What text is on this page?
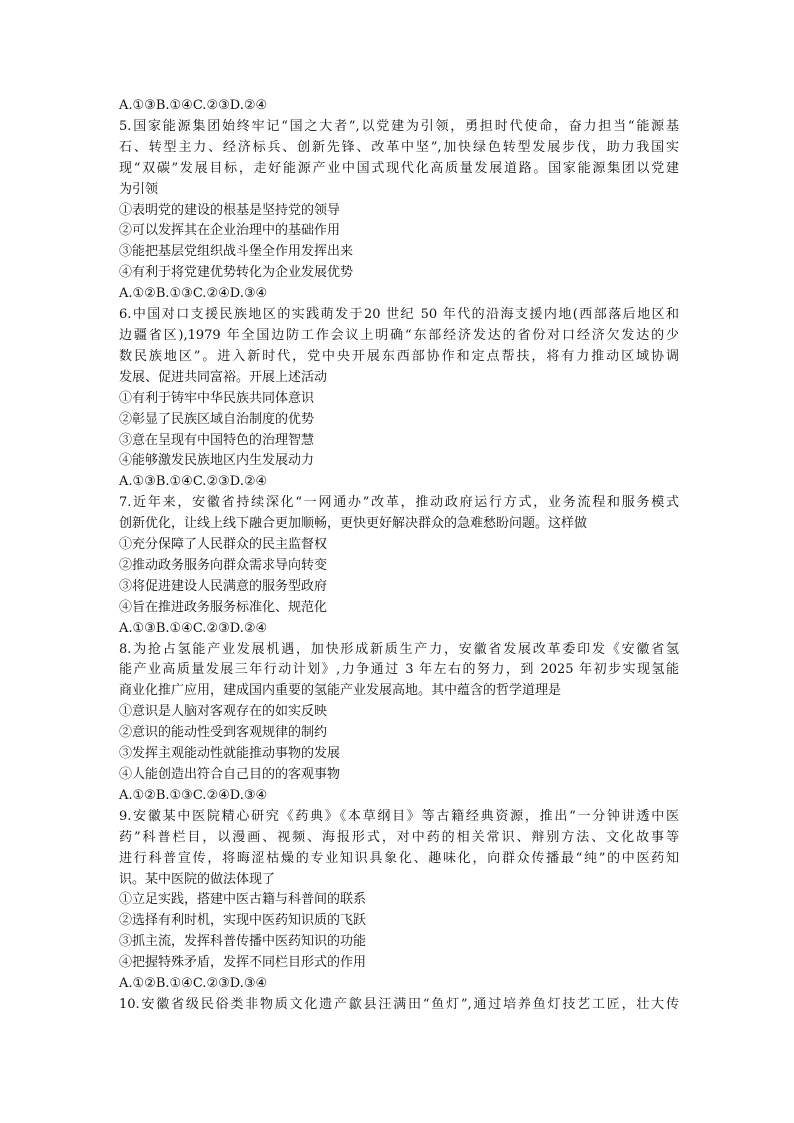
A.①③B.①④C.②③D.②④
5.国家能源集团始终牢记“国之大者”,以党建为引领，勇担时代使命，奋力担当“能源基
石、转型主力、经济标兵、创新先锋、改革中坚”,加快绿色转型发展步伐，助力我国实
现“双碳”发展目标，走好能源产业中国式现代化高质量发展道路。国家能源集团以党建
为引领
①表明党的建设的根基是坚持党的领导
②可以发挥其在企业治理中的基础作用
③能把基层党组织战斗堡全作用发挥出来
④有利于将党建优势转化为企业发展优势
A.①②B.①③C.②④D.③④
6.中国对口支援民族地区的实践萌发于20 世纪 50 年代的沿海支援内地(西部落后地区和
边疆省区),1979 年全国边防工作会议上明确“东部经济发达的省份对口经济欠发达的少
数民族地区”。进入新时代，党中央开展东西部协作和定点帮扶，将有力推动区域协调
发展、促进共同富裕。开展上述活动
①有利于铸牢中华民族共同体意识
②彰显了民族区域自治制度的优势
③意在呈现有中国特色的治理智慧
④能够激发民族地区内生发展动力
A.①③B.①④C.②③D.②④
7.近年来，安徽省持续深化“一网通办”改革，推动政府运行方式，业务流程和服务模式
创新优化，让线上线下融合更加顺畅，更快更好解决群众的急难愁盼问题。这样做
①充分保障了人民群众的民主监督权
②推动政务服务向群众需求导向转变
③将促进建设人民满意的服务型政府
④旨在推进政务服务标准化、规范化
A.①③B.①④C.②③D.②④
8.为抢占氢能产业发展机遇，加快形成新质生产力，安徽省发展改革委印发《安徽省氢
能产业高质量发展三年行动计划》,力争通过 3 年左右的努力，到 2025 年初步实现氢能
商业化推广应用，建成国内重要的氢能产业发展高地。其中蕴含的哲学道理是
①意识是人脑对客观存在的如实反映
②意识的能动性受到客观规律的制约
③发挥主观能动性就能推动事物的发展
④人能创造出符合自己目的的客观事物
A.①②B.①③C.②④D.③④
9.安徽某中医院精心研究《药典》《本草纲目》等古籍经典资源，推出“一分钟讲透中医
药”科普栏目，以漫画、视频、海报形式，对中药的相关常识、辩别方法、文化故事等
进行科普宣传，将晦涩枯燥的专业知识具象化、趣味化，向群众传播最“纯”的中医药知
识。某中医院的做法体现了
①立足实践，搭建中医古籍与科普间的联系
②选择有利时机，实现中医药知识质的飞跃
③抓主流，发挥科普传播中医药知识的功能
④把握特殊矛盾，发挥不同栏目形式的作用
A.①②B.①④C.②③D.③④
10.安徽省级民俗类非物质文化遗产歙县汪满田“鱼灯”,通过培养鱼灯技艺工匠，壮大传
